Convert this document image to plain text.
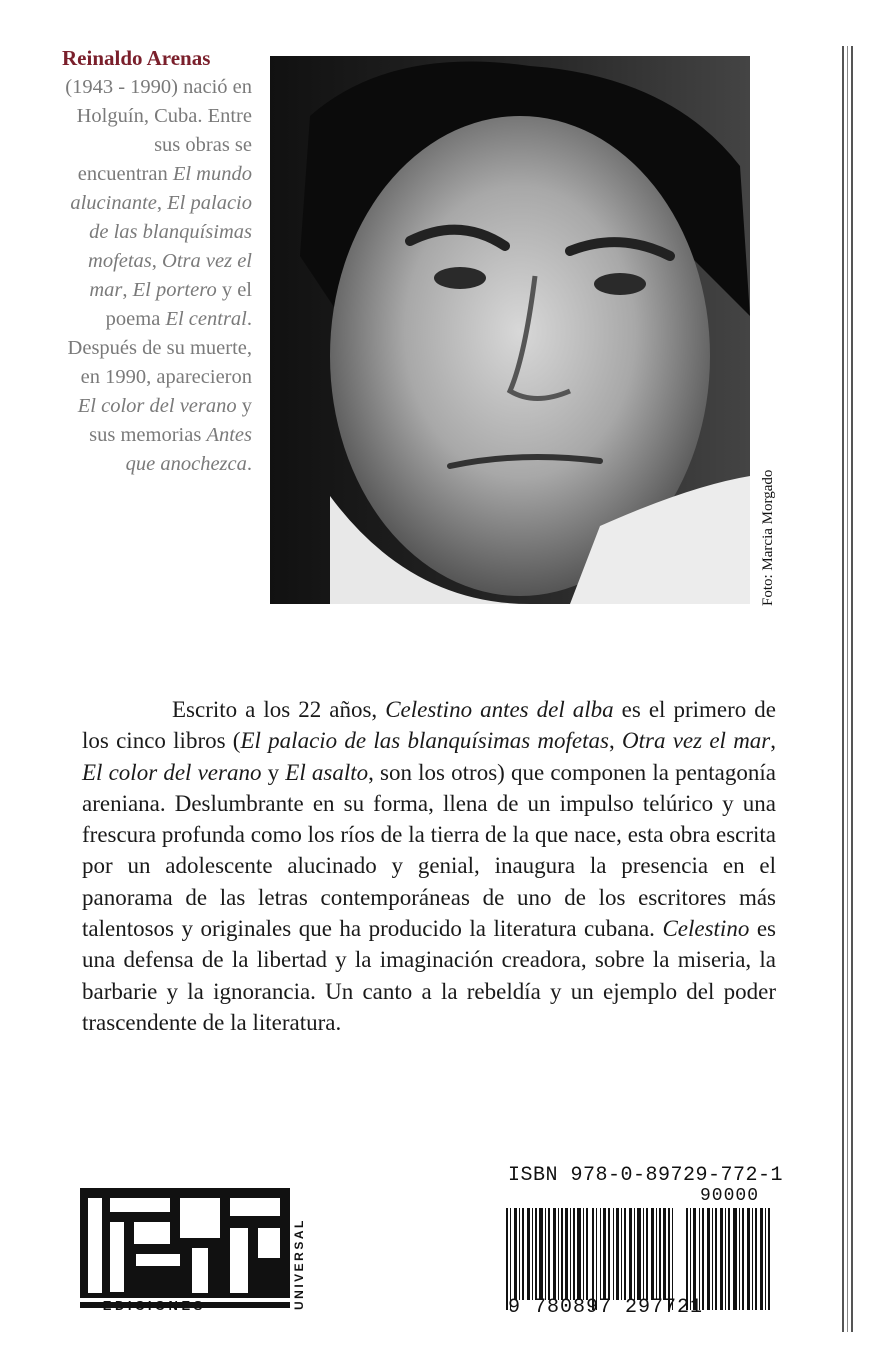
Reinaldo Arenas
(1943 - 1990) nació en Holguín, Cuba. Entre sus obras se encuentran El mundo alucinante, El palacio de las blanquísimas mofetas, Otra vez el mar, El portero y el poema El central. Después de su muerte, en 1990, aparecieron El color del verano y sus memorias Antes que anochezca.
Foto: Marcia Morgado

Escrito a los 22 años, Celestino antes del alba es el primero de los cinco libros (El palacio de las blanquísimas mofetas, Otra vez el mar, El color del verano y El asalto, son los otros) que componen la pentagonía areniana. Deslumbrante en su forma, llena de un impulso telúrico y una frescura profunda como los ríos de la tierra de la que nace, esta obra escrita por un adolescente alucinado y genial, inaugura la presencia en el panorama de las letras contemporáneas de uno de los escritores más talentosos y originales que ha producido la literatura cubana. Celestino es una defensa de la libertad y la imaginación creadora, sobre la miseria, la barbarie y la ignorancia. Un canto a la rebeldía y un ejemplo del poder trascendente de la literatura.

-- EDICIONES	UNIVERSAL
ISBN 978-0-89729-772-1
90000
9 780897 297721
